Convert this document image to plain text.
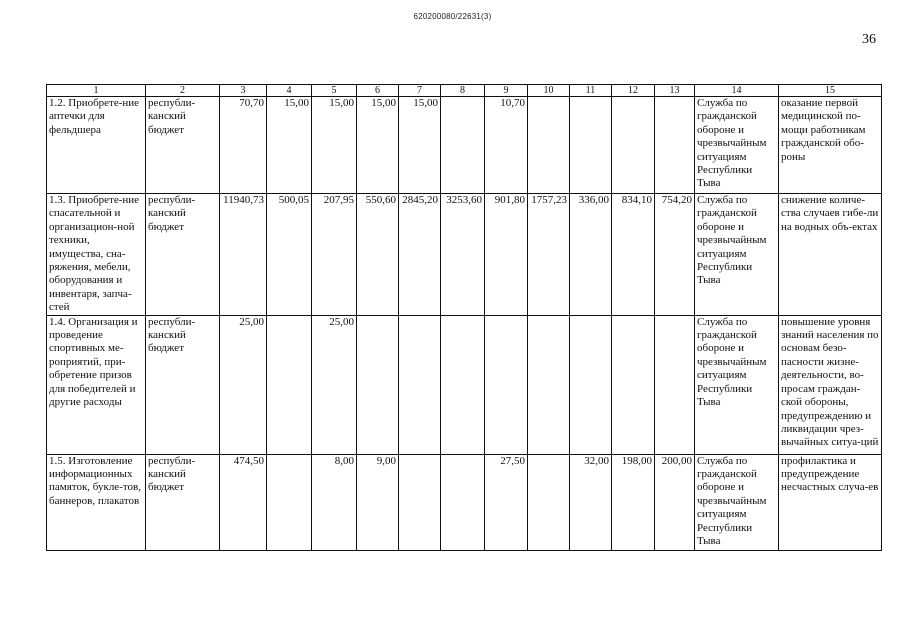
620200080/22631(3)
36
1	2	3	4	5	6	7	8	9	10	11	12	13	14	15
1.2. Приобрете-ние аптечки для фельдшера	республи-канский бюджет	70,70	15,00	15,00	15,00	15,00		10,70					Служба по гражданской обороне и чрезвычайным ситуациям Республики Тыва	оказание первой медицинской по-мощи работникам гражданской обо-роны
1.3. Приобрете-ние спасательной и организацион-ной техники, имущества, сна-ряжения, мебели, оборудования и инвентаря, запча-стей	республи-канский бюджет	11940,73	500,05	207,95	550,60	2845,20	3253,60	901,80	1757,23	336,00	834,10	754,20	Служба по гражданской обороне и чрезвычайным ситуациям Республики Тыва	снижение количе-ства случаев гибе-ли на водных объ-ектах
1.4. Организация и проведение спортивных ме-роприятий, при-обретение призов для победителей и другие расходы	республи-канский бюджет	25,00		25,00									Служба по гражданской обороне и чрезвычайным ситуациям Республики Тыва	повышение уровня знаний населения по основам безо-пасности жизне-деятельности, во-просам граждан-ской обороны, предупреждению и ликвидации чрез-вычайных ситуа-ций
1.5. Изготовление информационных памяток, букле-тов, баннеров, плакатов	республи-канский бюджет	474,50		8,00	9,00			27,50		32,00	198,00	200,00	Служба по гражданской обороне и чрезвычайным ситуациям Республики Тыва	профилактика и предупреждение несчастных случа-ев
